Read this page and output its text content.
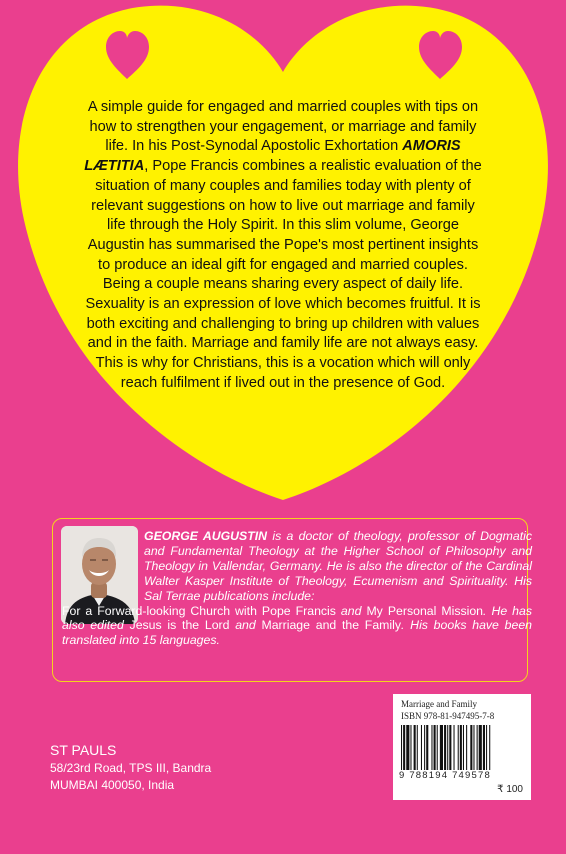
A simple guide for engaged and married couples with tips on how to strengthen your engagement, or marriage and family life. In his Post-Synodal Apostolic Exhortation AMORIS LÆTITIA, Pope Francis combines a realistic evaluation of the situation of many couples and families today with plenty of relevant suggestions on how to live out marriage and family life through the Holy Spirit. In this slim volume, George Augustin has summarised the Pope's most pertinent insights to produce an ideal gift for engaged and married couples. Being a couple means sharing every aspect of daily life. Sexuality is an expression of love which becomes fruitful. It is both exciting and challenging to bring up children with values and in the faith. Marriage and family life are not always easy. This is why for Christians, this is a vocation which will only reach fulfilment if lived out in the presence of God.
GEORGE AUGUSTIN is a doctor of theology, professor of Dogmatic and Fundamental Theology at the Higher School of Philosophy and Theology in Vallendar, Germany. He is also the director of the Cardinal Walter Kasper Institute of Theology, Ecumenism and Spirituality. His Sal Terrae publications include:
For a Forward-looking Church with Pope Francis and My Personal Mission. He has also edited Jesus is the Lord and Marriage and the Family. His books have been translated into 15 languages.
ST PAULS
58/23rd Road, TPS III, Bandra
MUMBAI 400050, India
Marriage and Family
ISBN 978-81-947495-7-8
9 788194 749578
₹ 100
